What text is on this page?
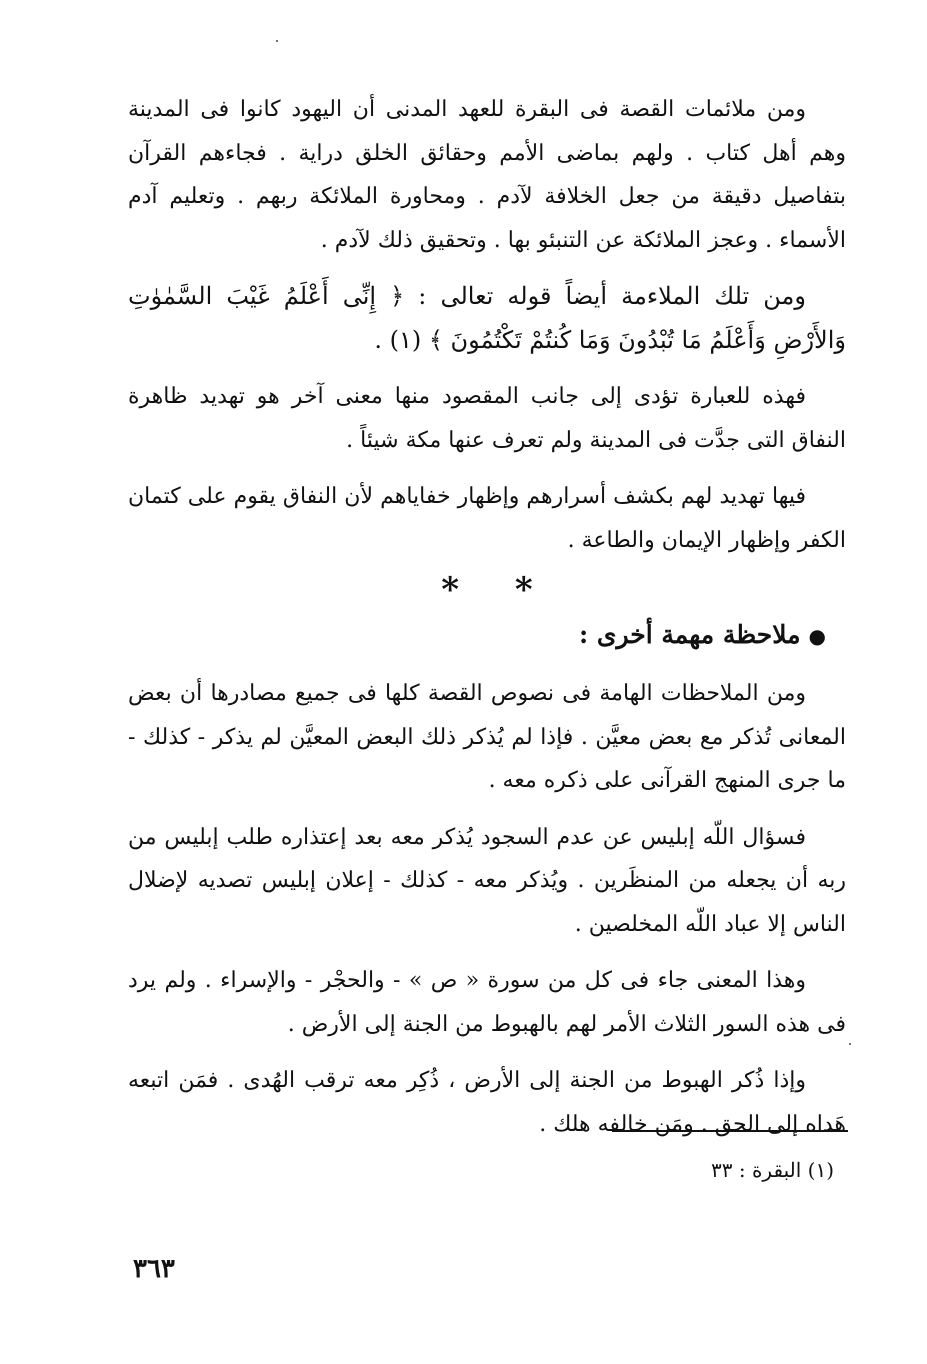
ومن ملائمات القصة فى البقرة للعهد المدنى أن اليهود كانوا فى المدينة وهم أهل كتاب . ولهم بماضى الأمم وحقائق الخلق دراية . فجاءهم القرآن بتفاصيل دقيقة من جعل الخلافة لآدم . ومحاورة الملائكة ربهم . وتعليم آدم الأسماء . وعجز الملائكة عن التنبئو بها . وتحقيق ذلك لآدم .

ومن تلك الملاءمة أيضاً قوله تعالى : ﴿ إِنِّى أَعْلَمُ غَيْبَ السَّمٰوٰتِ وَالأَرْضِ وَأَعْلَمُ مَا تُبْدُونَ وَمَا كُنتُمْ تَكْتُمُونَ ﴾ (١) .

فهذه للعبارة تؤدى إلى جانب المقصود منها معنى آخر هو تهديد ظاهرة النفاق التى جدَّت فى المدينة ولم تعرف عنها مكة شيئاً .

فيها تهديد لهم بكشف أسرارهم وإظهار خفاياهم لأن النفاق يقوم على كتمان الكفر وإظهار الإيمان والطاعة .

* *

●ملاحظة مهمة أخرى :

ومن الملاحظات الهامة فى نصوص القصة كلها فى جميع مصادرها أن بعض المعانى تُذكر مع بعض معيَّن . فإذا لم يُذكر ذلك البعض المعيَّن لم يذكر - كذلك - ما جرى المنهج القرآنى على ذكره معه .

فسؤال اللّه إبليس عن عدم السجود يُذكر معه بعد إعتذاره طلب إبليس من ربه أن يجعله من المنظَرين . ويُذكر معه - كذلك - إعلان إبليس تصديه لإضلال الناس إلا عباد اللّه المخلصين .

وهذا المعنى جاء فى كل من سورة « ص » - والحجْر - والإسراء . ولم يرد فى هذه السور الثلاث الأمر لهم بالهبوط من الجنة إلى الأرض .

وإذا ذُكر الهبوط من الجنة إلى الأرض ، ذُكِر معه ترقب الهُدى . فمَن اتبعه هَداه إلى الحق . ومَن خالفه هلك .

(١) البقرة : ٣٣
٣٦٣
